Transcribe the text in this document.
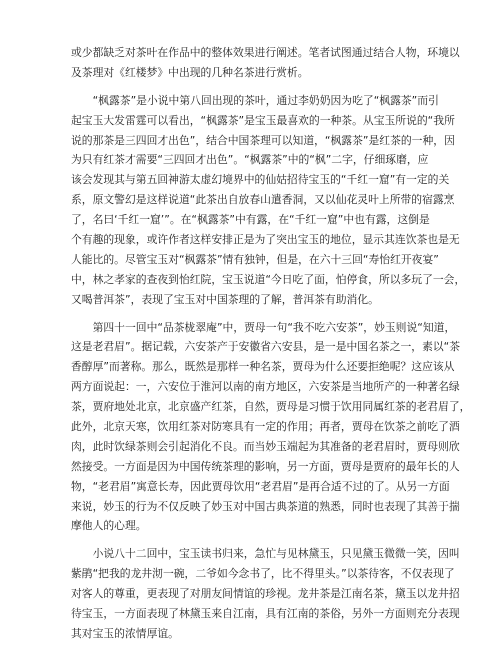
或少都缺乏对茶叶在作品中的整体效果进行阐述。笔者试图通过结合人物，环境以
及茶理对《红楼梦》中出现的几种名茶进行赏析。
　　“枫露茶”是小说中第八回出现的茶叶，通过李奶奶因为吃了“枫露茶”而引
起宝玉大发雷霆可以看出，“枫露茶”是宝玉最喜欢的一种茶。从宝玉所说的“我所
说的那茶是三四回才出色”，结合中国茶理可以知道，“枫露茶”是红茶的一种，因
为只有红茶才需要“三四回才出色”。“枫露茶”中的“枫”二字，仔细琢磨，应
该会发现其与第五回神游太虚幻境界中的仙姑招待宝玉的“千红一窟”有一定的关
系，原文警幻是这样说道“此茶出自放春山遣香洞，又以仙花灵叶上所带的宿露烹
了，名曰‘千红一窟’”。在“枫露茶”中有露，在“千红一窟”中也有露，这倒是
个有趣的现象，或许作者这样安排正是为了突出宝玉的地位，显示其连饮茶也是无
人能比的。尽管宝玉对“枫露茶”情有独钟，但是，在六十三回“寿怡红开夜宴”
中，林之孝家的查夜到怡红院，宝玉说道“今日吃了面，怕停食，所以多玩了一会，
又喝普洱茶”，表现了宝玉对中国茶理的了解，普洱茶有助消化。
　　第四十一回中“品茶栊翠庵”中，贾母一句“我不吃六安茶”，妙玉则说“知道，
这是老君眉”。据记载，六安茶产于安徽省六安县，是一是中国名茶之一，素以“茶
香醇厚”而著称。那么，既然是那样一种名茶，贾母为什么还要拒绝呢？这应该从
两方面说起：一，六安位于淮河以南的南方地区，六安茶是当地所产的一种著名绿
茶，贾府地处北京，北京盛产红茶，自然，贾母是习惯于饮用同属红茶的老君眉了，
此外，北京天寒，饮用红茶对防寒具有一定的作用；再者，贾母在饮茶之前吃了酒
肉，此时饮绿茶则会引起消化不良。而当妙玉端起为其准备的老君眉时，贾母则欣
然接受。一方面是因为中国传统茶理的影响，另一方面，贾母是贾府的最年长的人
物，“老君眉”寓意长寿，因此贾母饮用“老君眉”是再合适不过的了。从另一方面
来说，妙玉的行为不仅反映了妙玉对中国古典茶道的熟悉，同时也表现了其善于揣
摩他人的心理。
　　小说八十二回中，宝玉读书归来，急忙与见林黛玉，只见黛玉微微一笑，因叫
紫鹃“把我的龙井沏一碗，二爷如今念书了，比不得里头。”以茶待客，不仅表现了
对客人的尊重，更表现了对朋友间情谊的珍视。龙井茶是江南名茶，黛玉以龙井招
待宝玉，一方面表现了林黛玉来自江南，具有江南的茶俗，另外一方面则充分表现
其对宝玉的浓情厚谊。
